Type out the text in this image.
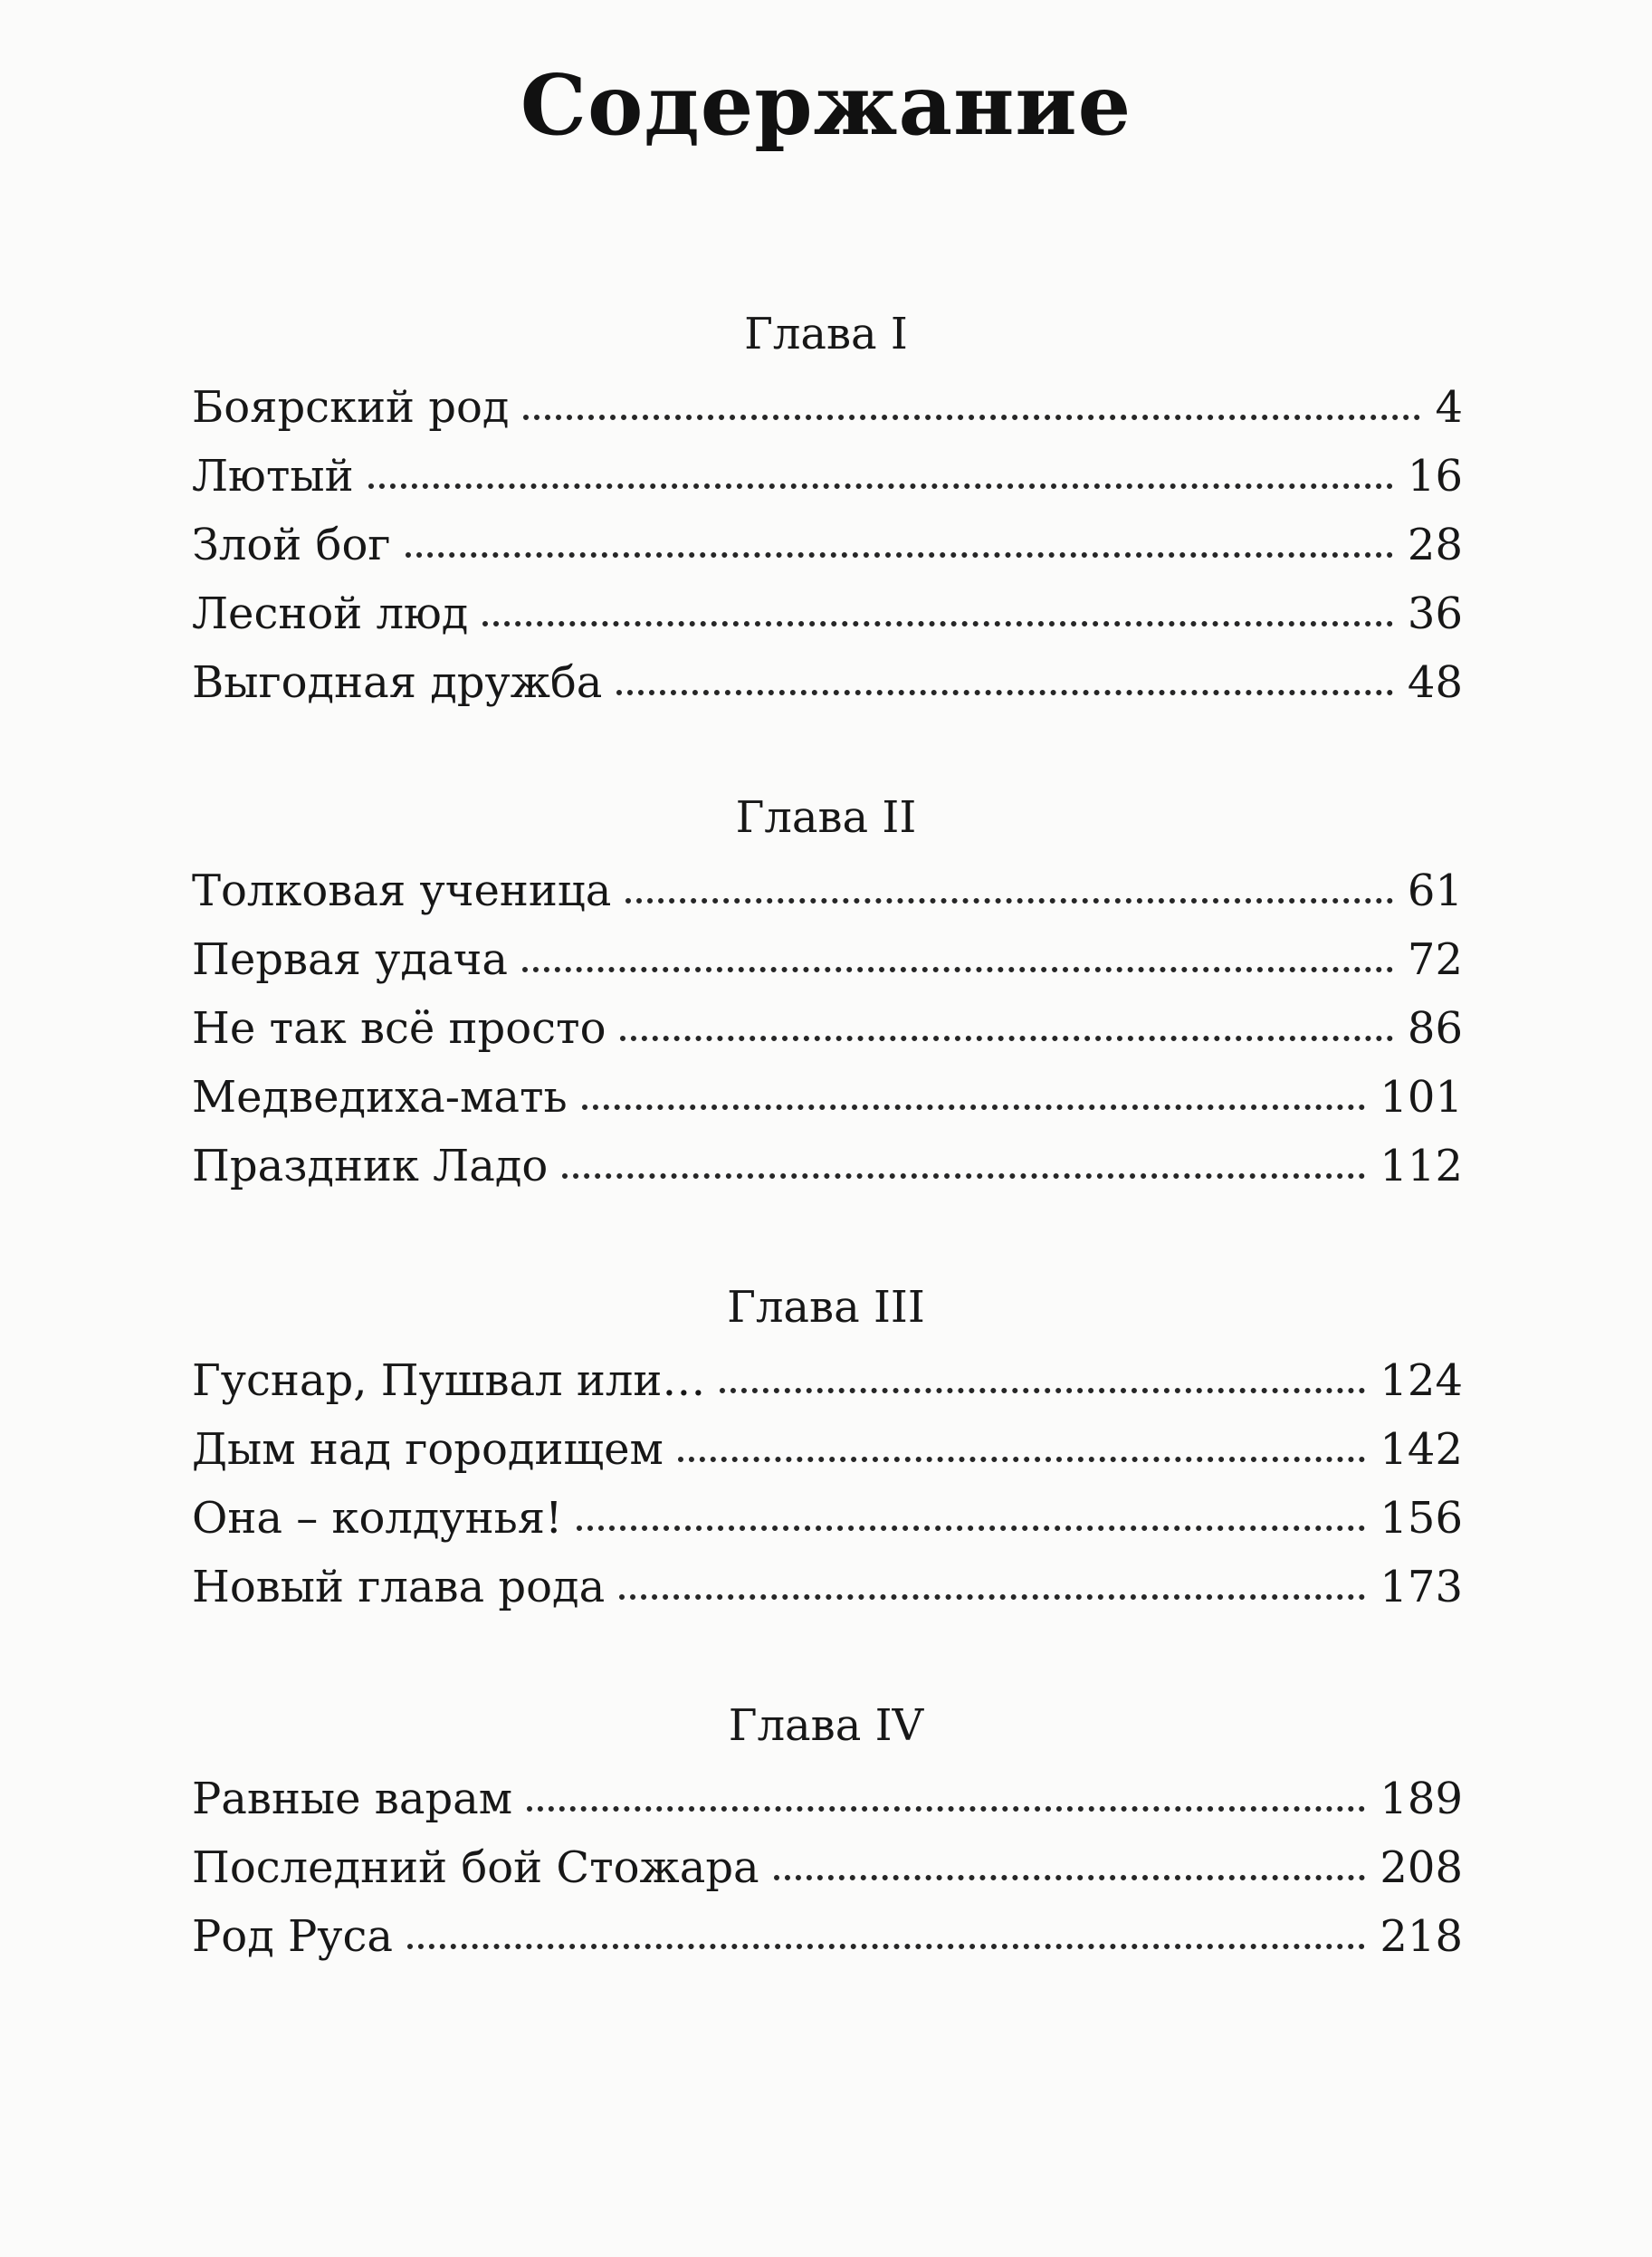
Содержание
Глава I
Боярский род	4
Лютый	16
Злой бог	28
Лесной люд	36
Выгодная дружба	48
Глава II
Толковая ученица	61
Первая удача	72
Не так всё просто	86
Медведиха-мать	101
Праздник Ладо	112
Глава III
Гуснар, Пушвал или…	124
Дым над городищем	142
Она – колдунья!	156
Новый глава рода	173
Глава IV
Равные варам	189
Последний бой Стожара	208
Род Руса	218
